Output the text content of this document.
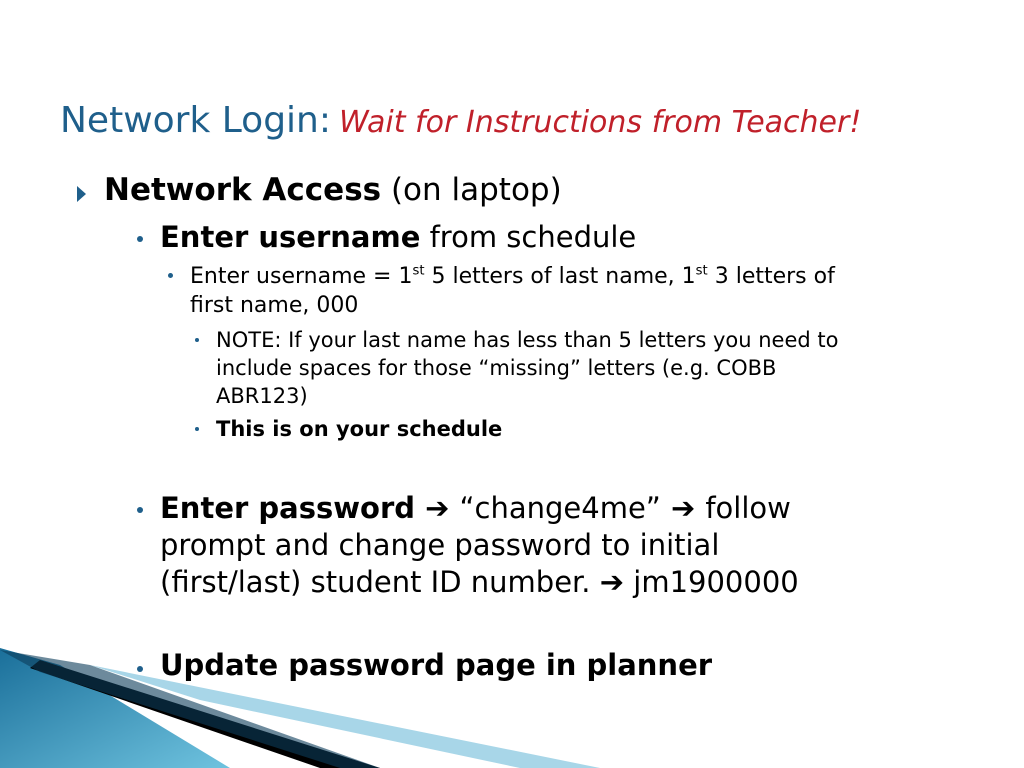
Network Login: Wait for Instructions from Teacher!
Network Access (on laptop)
Enter username from schedule
Enter username = 1st 5 letters of last name, 1st 3 letters of
first name, 000
NOTE: If your last name has less than 5 letters you need to
include spaces for those “missing” letters (e.g. COBB
ABR123)
This is on your schedule
Enter password ➔ “change4me” ➔ follow
prompt and change password to initial
(first/last) student ID number. ➔ jm1900000
Update password page in planner
